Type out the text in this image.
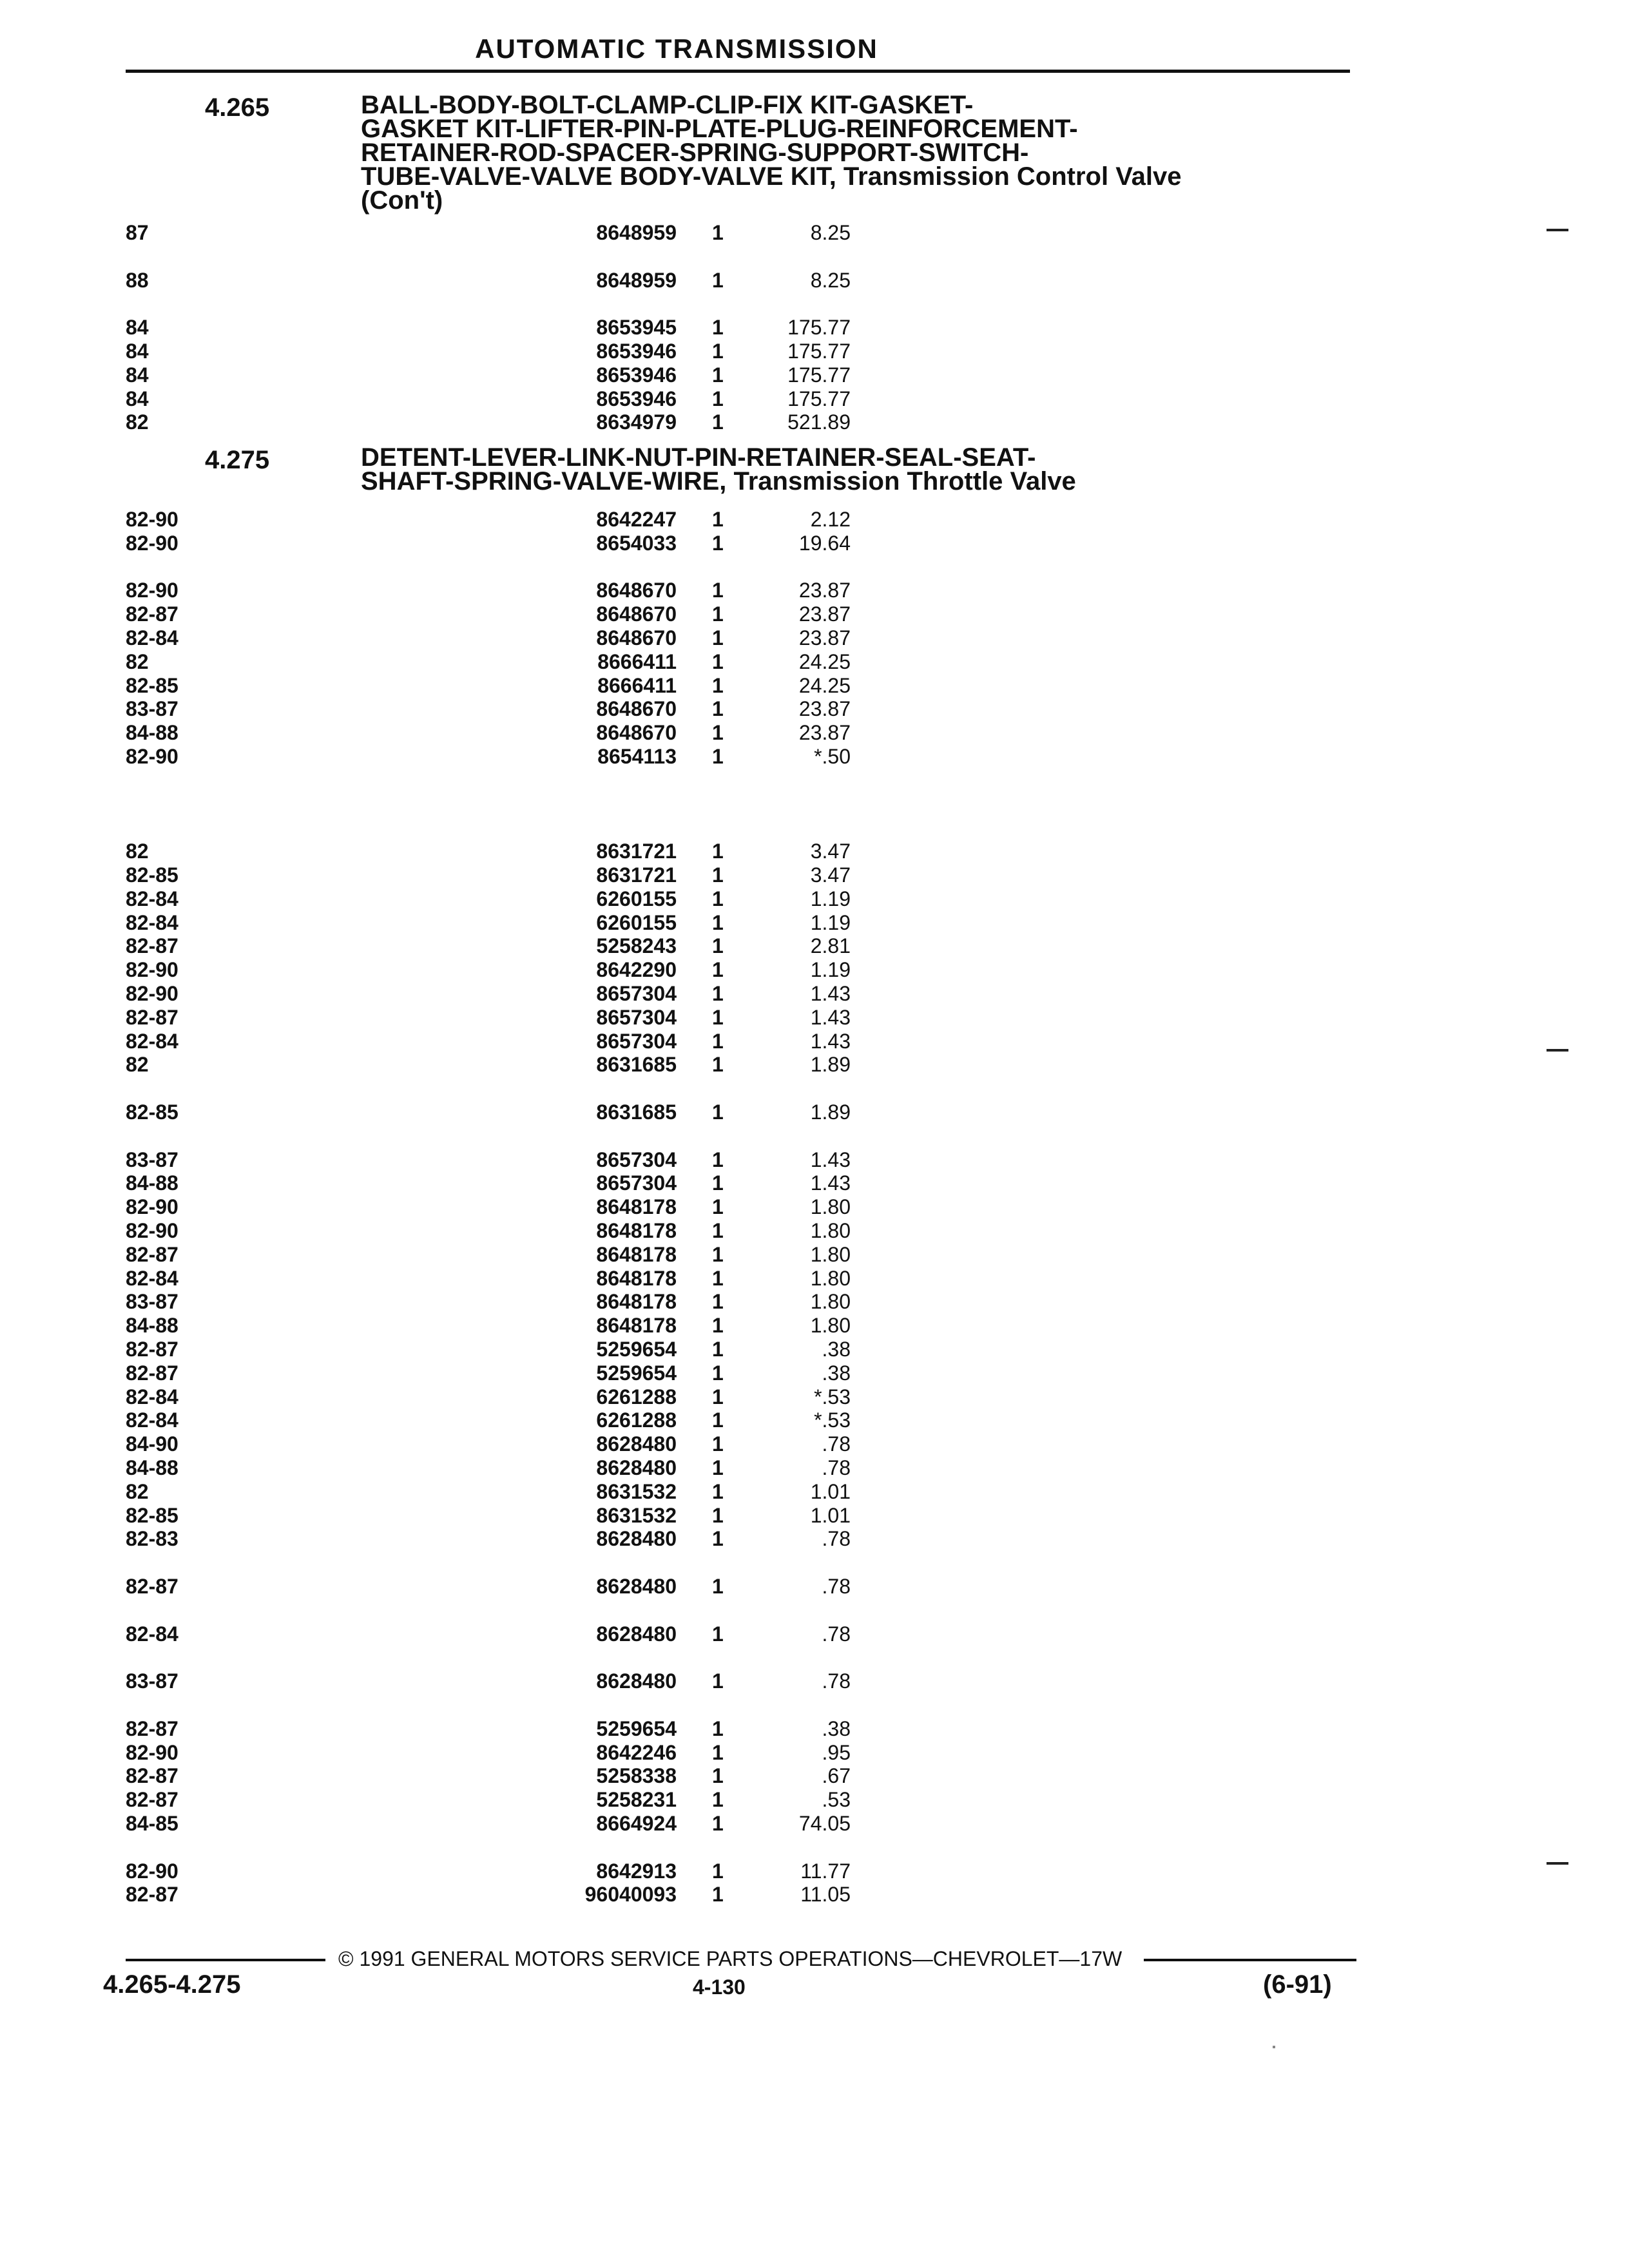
AUTOMATIC TRANSMISSION
4.265	BALL-BODY-BOLT-CLAMP-CLIP-FIX KIT-GASKET-
GASKET KIT-LIFTER-PIN-PLATE-PLUG-REINFORCEMENT-
RETAINER-ROD-SPACER-SPRING-SUPPORT-SWITCH-
TUBE-VALVE-VALVE BODY-VALVE KIT, Transmission Control Valve
(Con't)
87	8648959 1	8.25
88	8648959 1	8.25
84	8653945 1	175.77
84	8653946 1	175.77
84	8653946 1	175.77
84	8653946 1	175.77
82	8634979 1	521.89
4.275	DETENT-LEVER-LINK-NUT-PIN-RETAINER-SEAL-SEAT-
SHAFT-SPRING-VALVE-WIRE, Transmission Throttle Valve
82-90	8642247 1	2.12
82-90	8654033 1	19.64
82-90	8648670 1	23.87
82-87	8648670 1	23.87
82-84	8648670 1	23.87
82	8666411 1	24.25
82-85	8666411 1	24.25
83-87	8648670 1	23.87
84-88	8648670 1	23.87
82-90	8654113 1	*.50
82	8631721 1	3.47
82-85	8631721 1	3.47
82-84	6260155 1	1.19
82-84	6260155 1	1.19
82-87	5258243 1	2.81
82-90	8642290 1	1.19
82-90	8657304 1	1.43
82-87	8657304 1	1.43
82-84	8657304 1	1.43
82	8631685 1	1.89
82-85	8631685 1	1.89
83-87	8657304 1	1.43
84-88	8657304 1	1.43
82-90	8648178 1	1.80
82-90	8648178 1	1.80
82-87	8648178 1	1.80
82-84	8648178 1	1.80
83-87	8648178 1	1.80
84-88	8648178 1	1.80
82-87	5259654 1	.38
82-87	5259654 1	.38
82-84	6261288 1	*.53
82-84	6261288 1	*.53
84-90	8628480 1	.78
84-88	8628480 1	.78
82	8631532 1	1.01
82-85	8631532 1	1.01
82-83	8628480 1	.78
82-87	8628480 1	.78
82-84	8628480 1	.78
83-87	8628480 1	.78
82-87	5259654 1	.38
82-90	8642246 1	.95
82-87	5258338 1	.67
82-87	5258231 1	.53
84-85	8664924 1	74.05
82-90	8642913 1	11.77
82-87	96040093 1	11.05
© 1991 GENERAL MOTORS SERVICE PARTS OPERATIONS—CHEVROLET—17W
4.265-4.275	4-130	(6-91)
